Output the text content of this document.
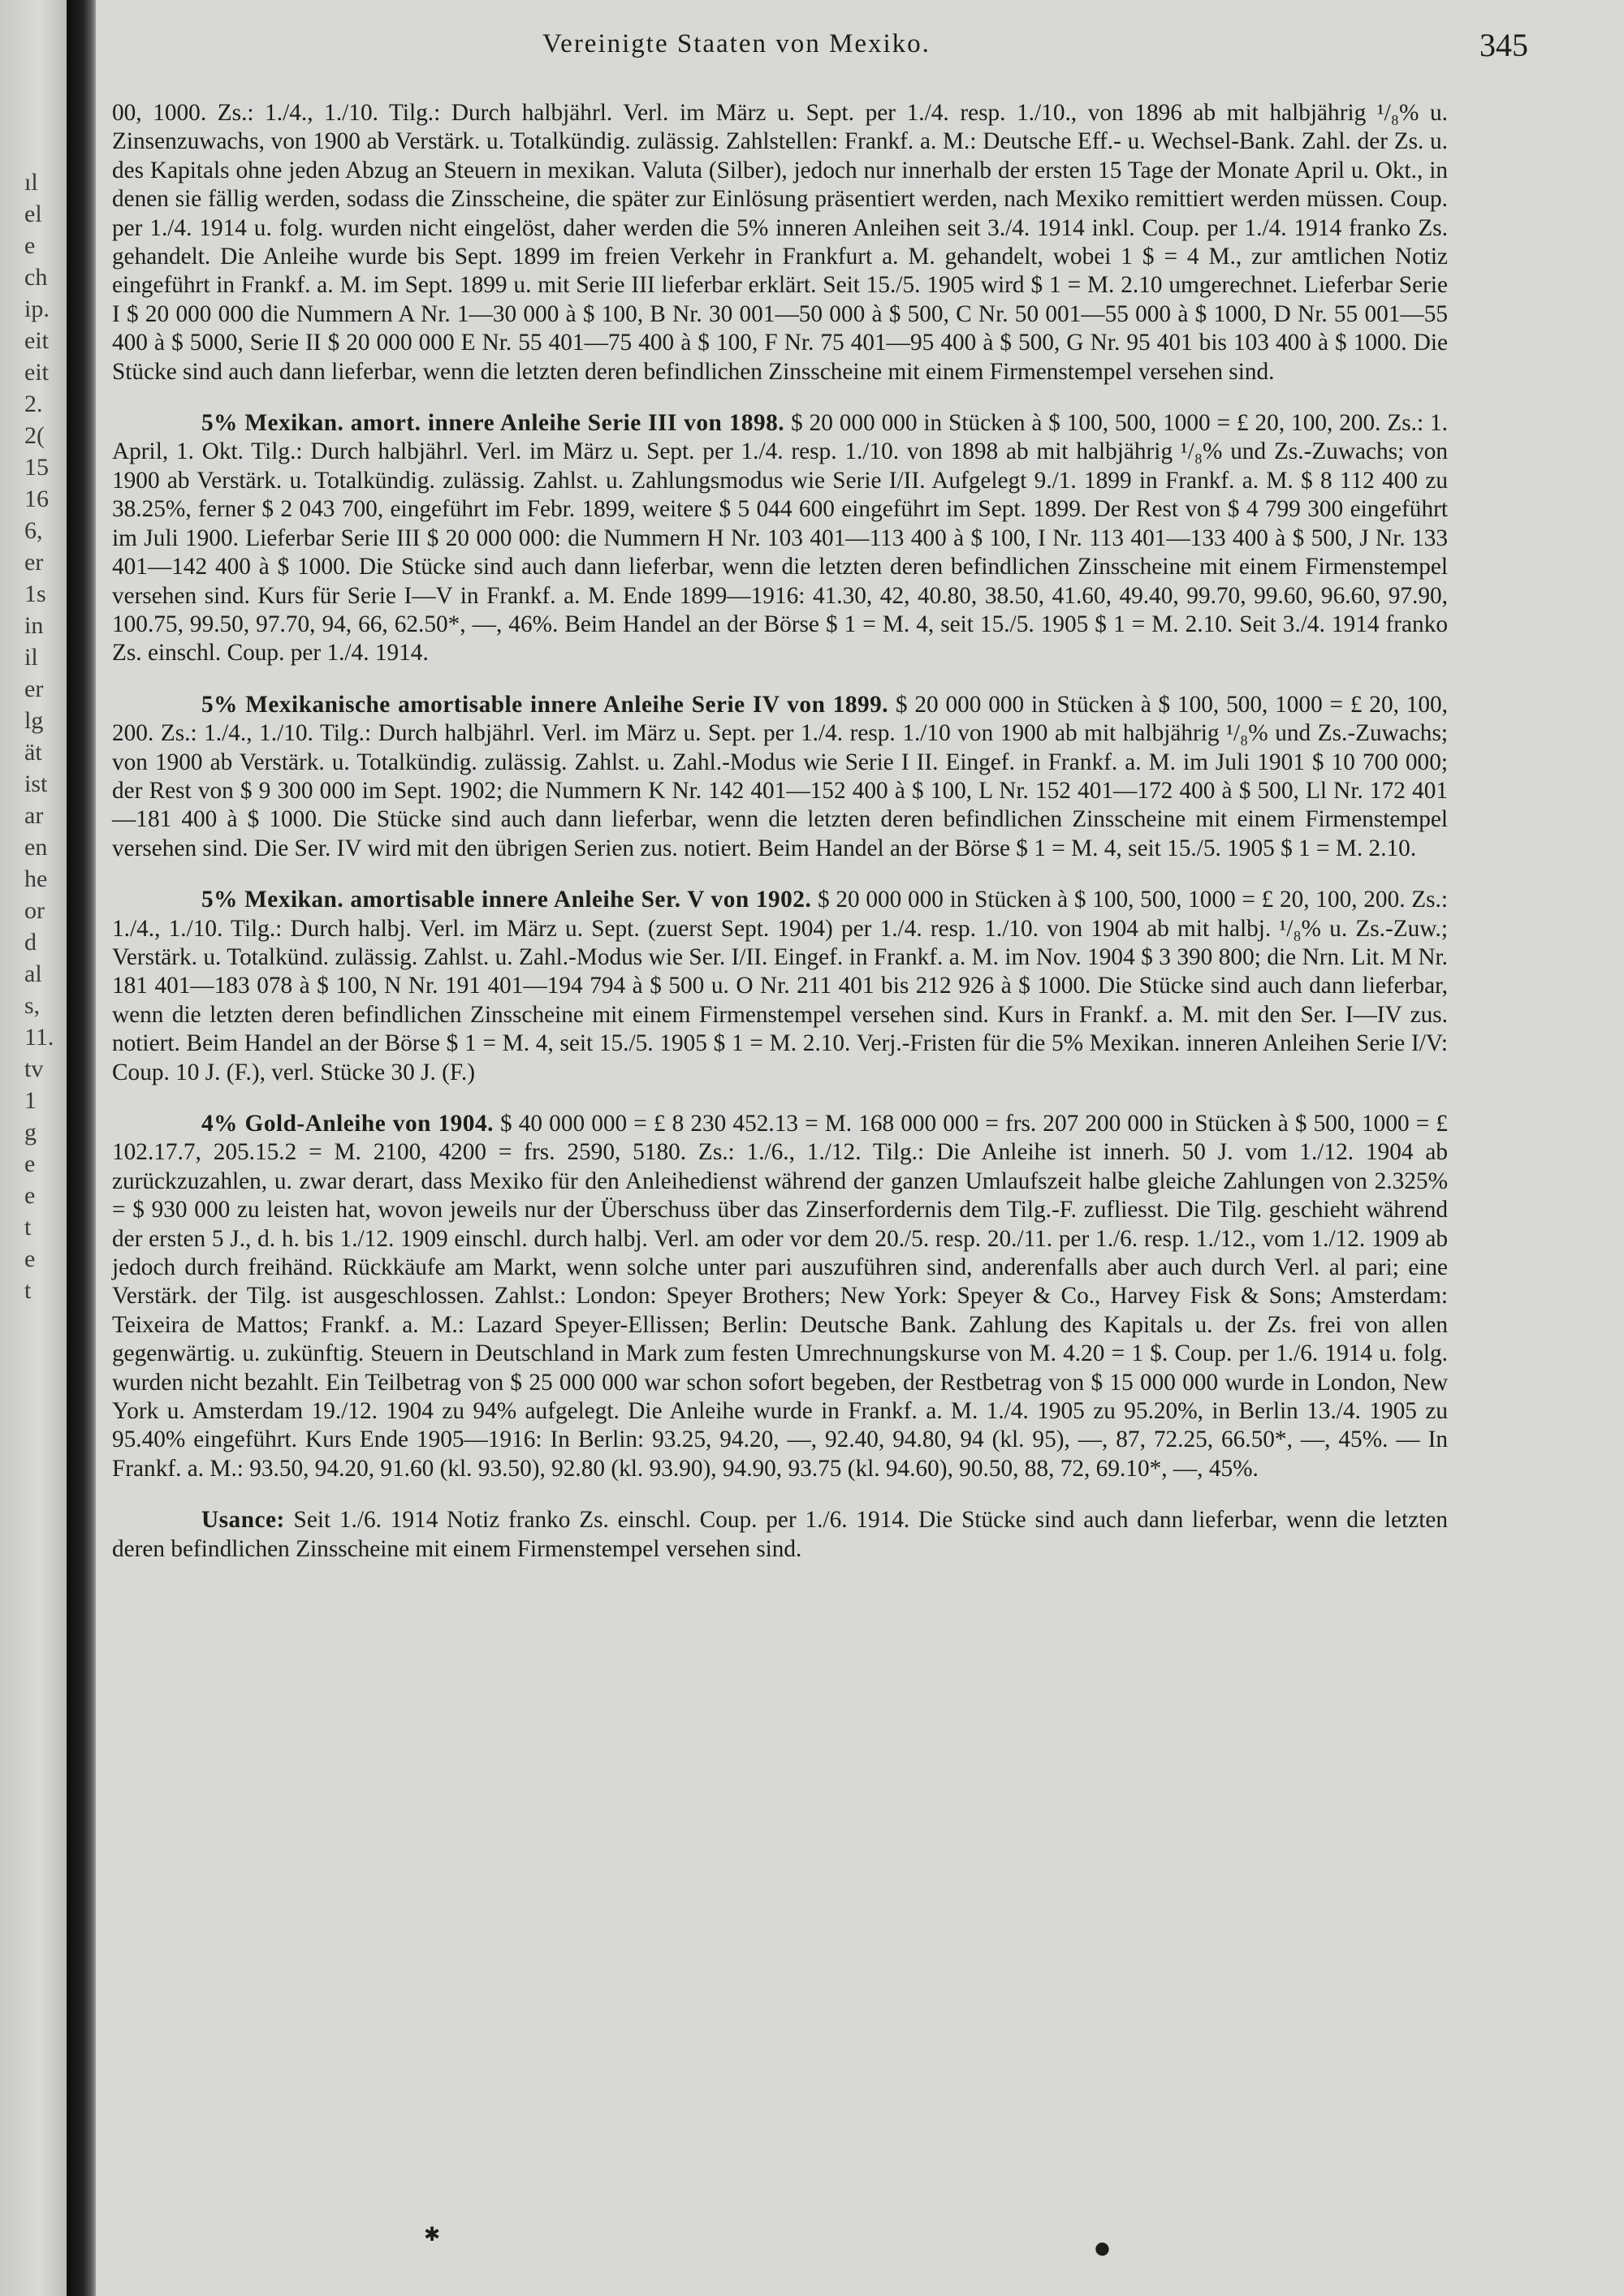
ıl
el
e
ch
ip.
eit
eit
2.
2(
15
16
6,
er
1s
in
il
er
lg
ät
ist
ar
en
he
or
d
al
s,
11.
tv
1
g
e
e
t
e
t
Vereinigte Staaten von Mexiko.	345

00, 1000. Zs.: 1./4., 1./10. Tilg.: Durch halbjährl. Verl. im März u. Sept. per 1./4. resp. 1./10., von 1896 ab mit halbjährig ¹/₈% u. Zinsenzuwachs, von 1900 ab Verstärk. u. Totalkündig. zulässig. Zahlstellen: Frankf. a. M.: Deutsche Eff.- u. Wechsel-Bank. Zahl. der Zs. u. des Kapitals ohne jeden Abzug an Steuern in mexikan. Valuta (Silber), jedoch nur innerhalb der ersten 15 Tage der Monate April u. Okt., in denen sie fällig werden, sodass die Zinsscheine, die später zur Einlösung präsentiert werden, nach Mexiko remittiert werden müssen. Coup. per 1./4. 1914 u. folg. wurden nicht eingelöst, daher werden die 5% inneren Anleihen seit 3./4. 1914 inkl. Coup. per 1./4. 1914 franko Zs. gehandelt. Die Anleihe wurde bis Sept. 1899 im freien Verkehr in Frankfurt a. M. gehandelt, wobei 1 $ = 4 M., zur amtlichen Notiz eingeführt in Frankf. a. M. im Sept. 1899 u. mit Serie III lieferbar erklärt. Seit 15./5. 1905 wird $ 1 = M. 2.10 umgerechnet. Lieferbar Serie I $ 20 000 000 die Nummern A Nr. 1—30 000 à $ 100, B Nr. 30 001—50 000 à $ 500, C Nr. 50 001—55 000 à $ 1000, D Nr. 55 001—55 400 à $ 5000, Serie II $ 20 000 000 E Nr. 55 401—75 400 à $ 100, F Nr. 75 401—95 400 à $ 500, G Nr. 95 401 bis 103 400 à $ 1000. Die Stücke sind auch dann lieferbar, wenn die letzten deren befindlichen Zinsscheine mit einem Firmenstempel versehen sind.

5% Mexikan. amort. innere Anleihe Serie III von 1898. $ 20 000 000 in Stücken à $ 100, 500, 1000 = £ 20, 100, 200. Zs.: 1. April, 1. Okt. Tilg.: Durch halbjährl. Verl. im März u. Sept. per 1./4. resp. 1./10. von 1898 ab mit halbjährig ¹/₈% und Zs.-Zuwachs; von 1900 ab Verstärk. u. Totalkündig. zulässig. Zahlst. u. Zahlungsmodus wie Serie I/II. Aufgelegt 9./1. 1899 in Frankf. a. M. $ 8 112 400 zu 38.25%, ferner $ 2 043 700, eingeführt im Febr. 1899, weitere $ 5 044 600 eingeführt im Sept. 1899. Der Rest von $ 4 799 300 eingeführt im Juli 1900. Lieferbar Serie III $ 20 000 000: die Nummern H Nr. 103 401—113 400 à $ 100, I Nr. 113 401—133 400 à $ 500, J Nr. 133 401—142 400 à $ 1000. Die Stücke sind auch dann lieferbar, wenn die letzten deren befindlichen Zinsscheine mit einem Firmenstempel versehen sind. Kurs für Serie I—V in Frankf. a. M. Ende 1899—1916: 41.30, 42, 40.80, 38.50, 41.60, 49.40, 99.70, 99.60, 96.60, 97.90, 100.75, 99.50, 97.70, 94, 66, 62.50*, —, 46%. Beim Handel an der Börse $ 1 = M. 4, seit 15./5. 1905 $ 1 = M. 2.10. Seit 3./4. 1914 franko Zs. einschl. Coup. per 1./4. 1914.

5% Mexikanische amortisable innere Anleihe Serie IV von 1899. $ 20 000 000 in Stücken à $ 100, 500, 1000 = £ 20, 100, 200. Zs.: 1./4., 1./10. Tilg.: Durch halbjährl. Verl. im März u. Sept. per 1./4. resp. 1./10 von 1900 ab mit halbjährig ¹/₈% und Zs.-Zuwachs; von 1900 ab Verstärk. u. Totalkündig. zulässig. Zahlst. u. Zahl.-Modus wie Serie I II. Eingef. in Frankf. a. M. im Juli 1901 $ 10 700 000; der Rest von $ 9 300 000 im Sept. 1902; die Nummern K Nr. 142 401—152 400 à $ 100, L Nr. 152 401—172 400 à $ 500, Ll Nr. 172 401—181 400 à $ 1000. Die Stücke sind auch dann lieferbar, wenn die letzten deren befindlichen Zinsscheine mit einem Firmenstempel versehen sind. Die Ser. IV wird mit den übrigen Serien zus. notiert. Beim Handel an der Börse $ 1 = M. 4, seit 15./5. 1905 $ 1 = M. 2.10.

5% Mexikan. amortisable innere Anleihe Ser. V von 1902. $ 20 000 000 in Stücken à $ 100, 500, 1000 = £ 20, 100, 200. Zs.: 1./4., 1./10. Tilg.: Durch halbj. Verl. im März u. Sept. (zuerst Sept. 1904) per 1./4. resp. 1./10. von 1904 ab mit halbj. ¹/₈% u. Zs.-Zuw.; Verstärk. u. Totalkünd. zulässig. Zahlst. u. Zahl.-Modus wie Ser. I/II. Eingef. in Frankf. a. M. im Nov. 1904 $ 3 390 800; die Nrn. Lit. M Nr. 181 401—183 078 à $ 100, N Nr. 191 401—194 794 à $ 500 u. O Nr. 211 401 bis 212 926 à $ 1000. Die Stücke sind auch dann lieferbar, wenn die letzten deren befindlichen Zinsscheine mit einem Firmenstempel versehen sind. Kurs in Frankf. a. M. mit den Ser. I—IV zus. notiert. Beim Handel an der Börse $ 1 = M. 4, seit 15./5. 1905 $ 1 = M. 2.10. Verj.-Fristen für die 5% Mexikan. inneren Anleihen Serie I/V: Coup. 10 J. (F.), verl. Stücke 30 J. (F.)

4% Gold-Anleihe von 1904. $ 40 000 000 = £ 8 230 452.13 = M. 168 000 000 = frs. 207 200 000 in Stücken à $ 500, 1000 = £ 102.17.7, 205.15.2 = M. 2100, 4200 = frs. 2590, 5180. Zs.: 1./6., 1./12. Tilg.: Die Anleihe ist innerh. 50 J. vom 1./12. 1904 ab zurückzuzahlen, u. zwar derart, dass Mexiko für den Anleihedienst während der ganzen Umlaufszeit halbe gleiche Zahlungen von 2.325% = $ 930 000 zu leisten hat, wovon jeweils nur der Überschuss über das Zinserfordernis dem Tilg.-F. zufliesst. Die Tilg. geschieht während der ersten 5 J., d. h. bis 1./12. 1909 einschl. durch halbj. Verl. am oder vor dem 20./5. resp. 20./11. per 1./6. resp. 1./12., vom 1./12. 1909 ab jedoch durch freihänd. Rückkäufe am Markt, wenn solche unter pari auszuführen sind, anderenfalls aber auch durch Verl. al pari; eine Verstärk. der Tilg. ist ausgeschlossen. Zahlst.: London: Speyer Brothers; New York: Speyer & Co., Harvey Fisk & Sons; Amsterdam: Teixeira de Mattos; Frankf. a. M.: Lazard Speyer-Ellissen; Berlin: Deutsche Bank. Zahlung des Kapitals u. der Zs. frei von allen gegenwärtig. u. zukünftig. Steuern in Deutschland in Mark zum festen Umrechnungskurse von M. 4.20 = 1 $. Coup. per 1./6. 1914 u. folg. wurden nicht bezahlt. Ein Teilbetrag von $ 25 000 000 war schon sofort begeben, der Restbetrag von $ 15 000 000 wurde in London, New York u. Amsterdam 19./12. 1904 zu 94% aufgelegt. Die Anleihe wurde in Frankf. a. M. 1./4. 1905 zu 95.20%, in Berlin 13./4. 1905 zu 95.40% eingeführt. Kurs Ende 1905—1916: In Berlin: 93.25, 94.20, —, 92.40, 94.80, 94 (kl. 95), —, 87, 72.25, 66.50*, —, 45%. — In Frankf. a. M.: 93.50, 94.20, 91.60 (kl. 93.50), 92.80 (kl. 93.90), 94.90, 93.75 (kl. 94.60), 90.50, 88, 72, 69.10*, —, 45%.

Usance: Seit 1./6. 1914 Notiz franko Zs. einschl. Coup. per 1./6. 1914. Die Stücke sind auch dann lieferbar, wenn die letzten deren befindlichen Zinsscheine mit einem Firmenstempel versehen sind.

●
✱
